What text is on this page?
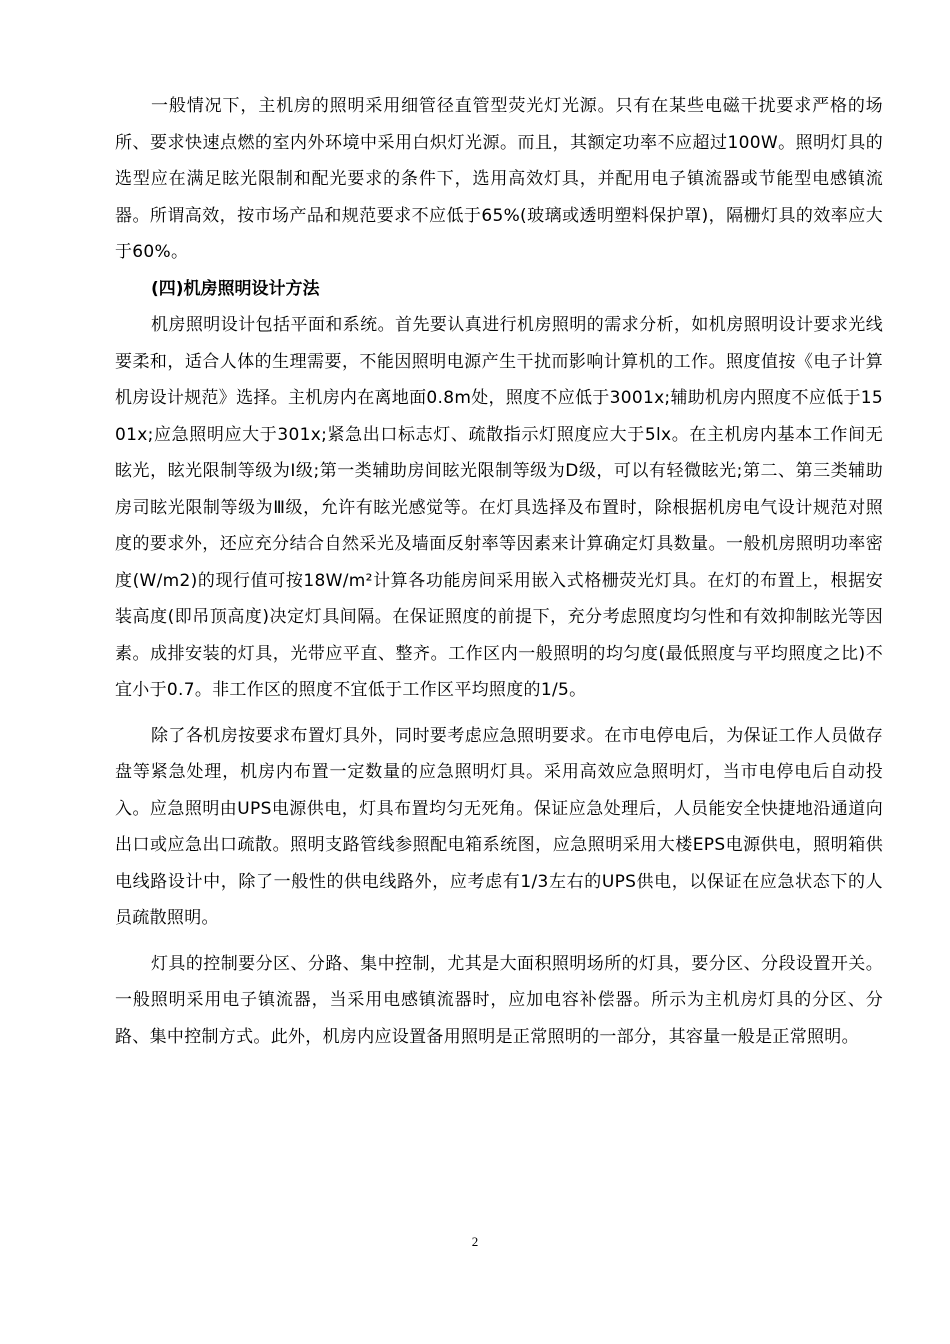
一般情况下，主机房的照明采用细管径直管型荧光灯光源。只有在某些电磁干扰要求严格的场所、要求快速点燃的室内外环境中采用白炽灯光源。而且，其额定功率不应超过100W。照明灯具的选型应在满足眩光限制和配光要求的条件下，选用高效灯具，并配用电子镇流器或节能型电感镇流器。所谓高效，按市场产品和规范要求不应低于65%(玻璃或透明塑料保护罩)，隔栅灯具的效率应大于60%。

(四)机房照明设计方法

机房照明设计包括平面和系统。首先要认真进行机房照明的需求分析，如机房照明设计要求光线要柔和，适合人体的生理需要，不能因照明电源产生干扰而影响计算机的工作。照度值按《电子计算机房设计规范》选择。主机房内在离地面0.8m处，照度不应低于3001x;辅助机房内照度不应低于1501x;应急照明应大于301x;紧急出口标志灯、疏散指示灯照度应大于5lx。在主机房内基本工作间无眩光，眩光限制等级为I级;第一类辅助房间眩光限制等级为D级，可以有轻微眩光;第二、第三类辅助房司眩光限制等级为Ⅲ级，允许有眩光感觉等。在灯具选择及布置时，除根据机房电气设计规范对照度的要求外，还应充分结合自然采光及墙面反射率等因素来计算确定灯具数量。一般机房照明功率密度(W/m2)的现行值可按18W/m²计算各功能房间采用嵌入式格栅荧光灯具。在灯的布置上，根据安装高度(即吊顶高度)决定灯具间隔。在保证照度的前提下，充分考虑照度均匀性和有效抑制眩光等因素。成排安装的灯具，光带应平直、整齐。工作区内一般照明的均匀度(最低照度与平均照度之比)不宜小于0.7。非工作区的照度不宜低于工作区平均照度的1/5。

除了各机房按要求布置灯具外，同时要考虑应急照明要求。在市电停电后，为保证工作人员做存盘等紧急处理，机房内布置一定数量的应急照明灯具。采用高效应急照明灯，当市电停电后自动投入。应急照明由UPS电源供电，灯具布置均匀无死角。保证应急处理后，人员能安全快捷地沿通道向出口或应急出口疏散。照明支路管线参照配电箱系统图，应急照明采用大楼EPS电源供电，照明箱供电线路设计中，除了一般性的供电线路外，应考虑有1/3左右的UPS供电，以保证在应急状态下的人员疏散照明。

灯具的控制要分区、分路、集中控制，尤其是大面积照明场所的灯具，要分区、分段设置开关。一般照明采用电子镇流器，当采用电感镇流器时，应加电容补偿器。所示为主机房灯具的分区、分路、集中控制方式。此外，机房内应设置备用照明是正常照明的一部分，其容量一般是正常照明。

2
